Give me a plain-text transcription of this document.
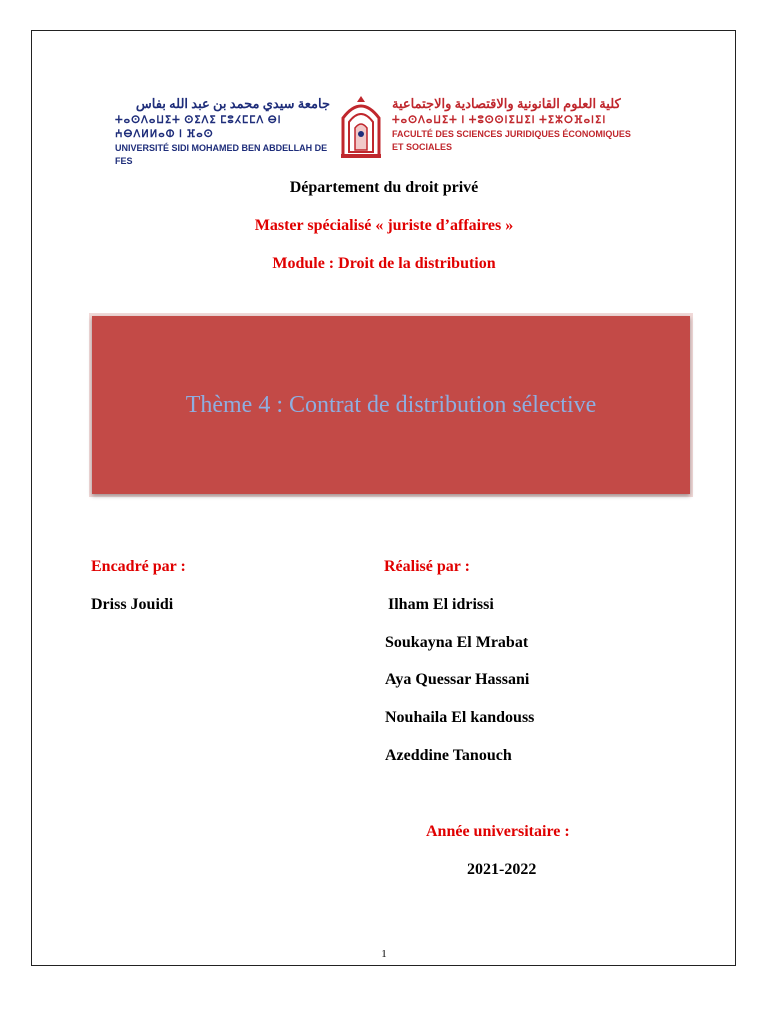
جامعة سيدي محمد بن عبد الله بفاس
ⵜⴰⵙⴷⴰⵡⵉⵜ ⵙⵉⴷⵉ ⵎⵓⵃⵎⵎⴷ ⴱⵏ ⵄⴱⴷⵍⵍⴰⵀ ⵏ ⴼⴰⵙ
UNIVERSITÉ SIDI MOHAMED BEN ABDELLAH DE FES
كلية العلوم القانونية والاقتصادية والاجتماعية
ⵜⴰⵙⴷⴰⵡⵉⵜ ⵏ ⵜⵓⵙⵙⵏⵉⵡⵉⵏ ⵜⵉⵣⵔⴼⴰⵏⵉⵏ
FACULTÉ DES SCIENCES JURIDIQUES ÉCONOMIQUES ET SOCIALES
Département du droit privé
Master spécialisé « juriste d’affaires »
Module : Droit de la distribution
Thème 4 : Contrat de distribution sélective
Encadré par :
Driss Jouidi
Réalisé par :
Ilham El idrissi
Soukayna El Mrabat
Aya Quessar Hassani
Nouhaila El kandouss
Azeddine Tanouch
Année universitaire :
2021-2022
1
